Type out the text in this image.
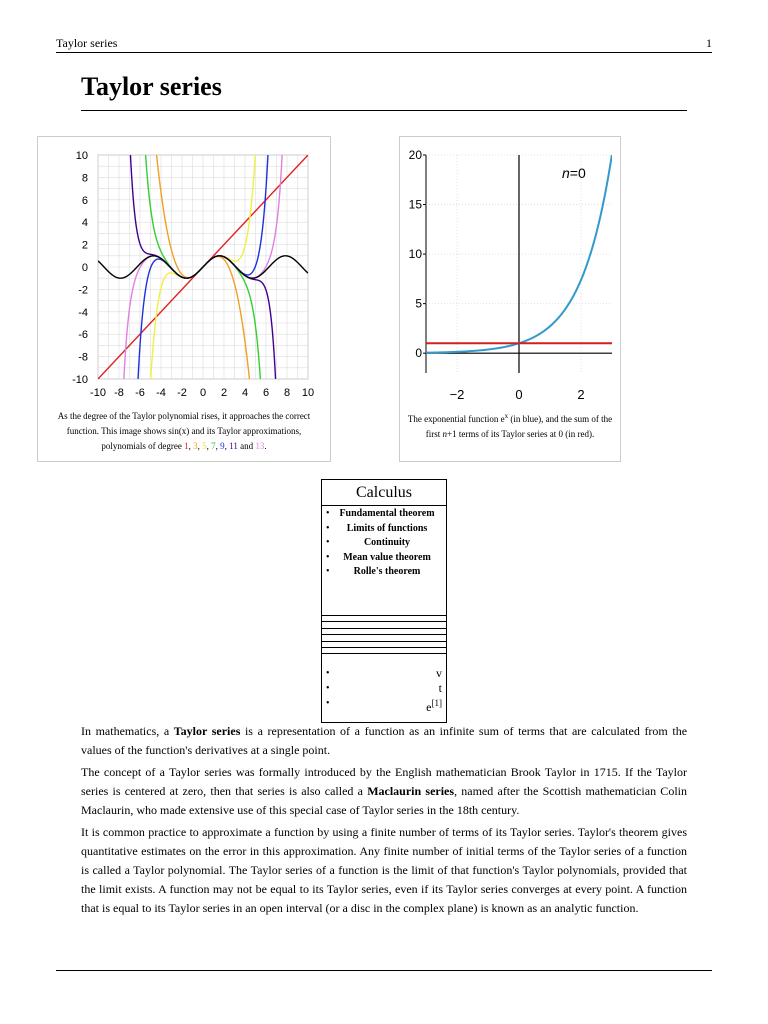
Taylor series	1
Taylor series
10
8
6
4
2
0
-2
-4
-6
-8
-10
-10 -8 -6 -4 -2 0 2 4 6 8 10
As the degree of the Taylor polynomial rises, it approaches the correct function. This image shows sin(x) and its Taylor approximations, polynomials of degree 1, 3, 5, 7, 9, 11 and 13.
0
5
10
15
20
−2	0	2
n=0
The exponential function $e^x$ (in blue), and the sum of the first n+1 terms of its Taylor series at 0 (in red).
Calculus
• Fundamental theorem
• Limits of functions
• Continuity
• Mean value theorem
• Rolle's theorem
• v
• t
• e[1]

In mathematics, a Taylor series is a representation of a function as an infinite sum of terms that are calculated from the values of the function's derivatives at a single point.

The concept of a Taylor series was formally introduced by the English mathematician Brook Taylor in 1715. If the Taylor series is centered at zero, then that series is also called a Maclaurin series, named after the Scottish mathematician Colin Maclaurin, who made extensive use of this special case of Taylor series in the 18th century.

It is common practice to approximate a function by using a finite number of terms of its Taylor series. Taylor's theorem gives quantitative estimates on the error in this approximation. Any finite number of initial terms of the Taylor series of a function is called a Taylor polynomial. The Taylor series of a function is the limit of that function's Taylor polynomials, provided that the limit exists. A function may not be equal to its Taylor series, even if its Taylor series converges at every point. A function that is equal to its Taylor series in an open interval (or a disc in the complex plane) is known as an analytic function.
